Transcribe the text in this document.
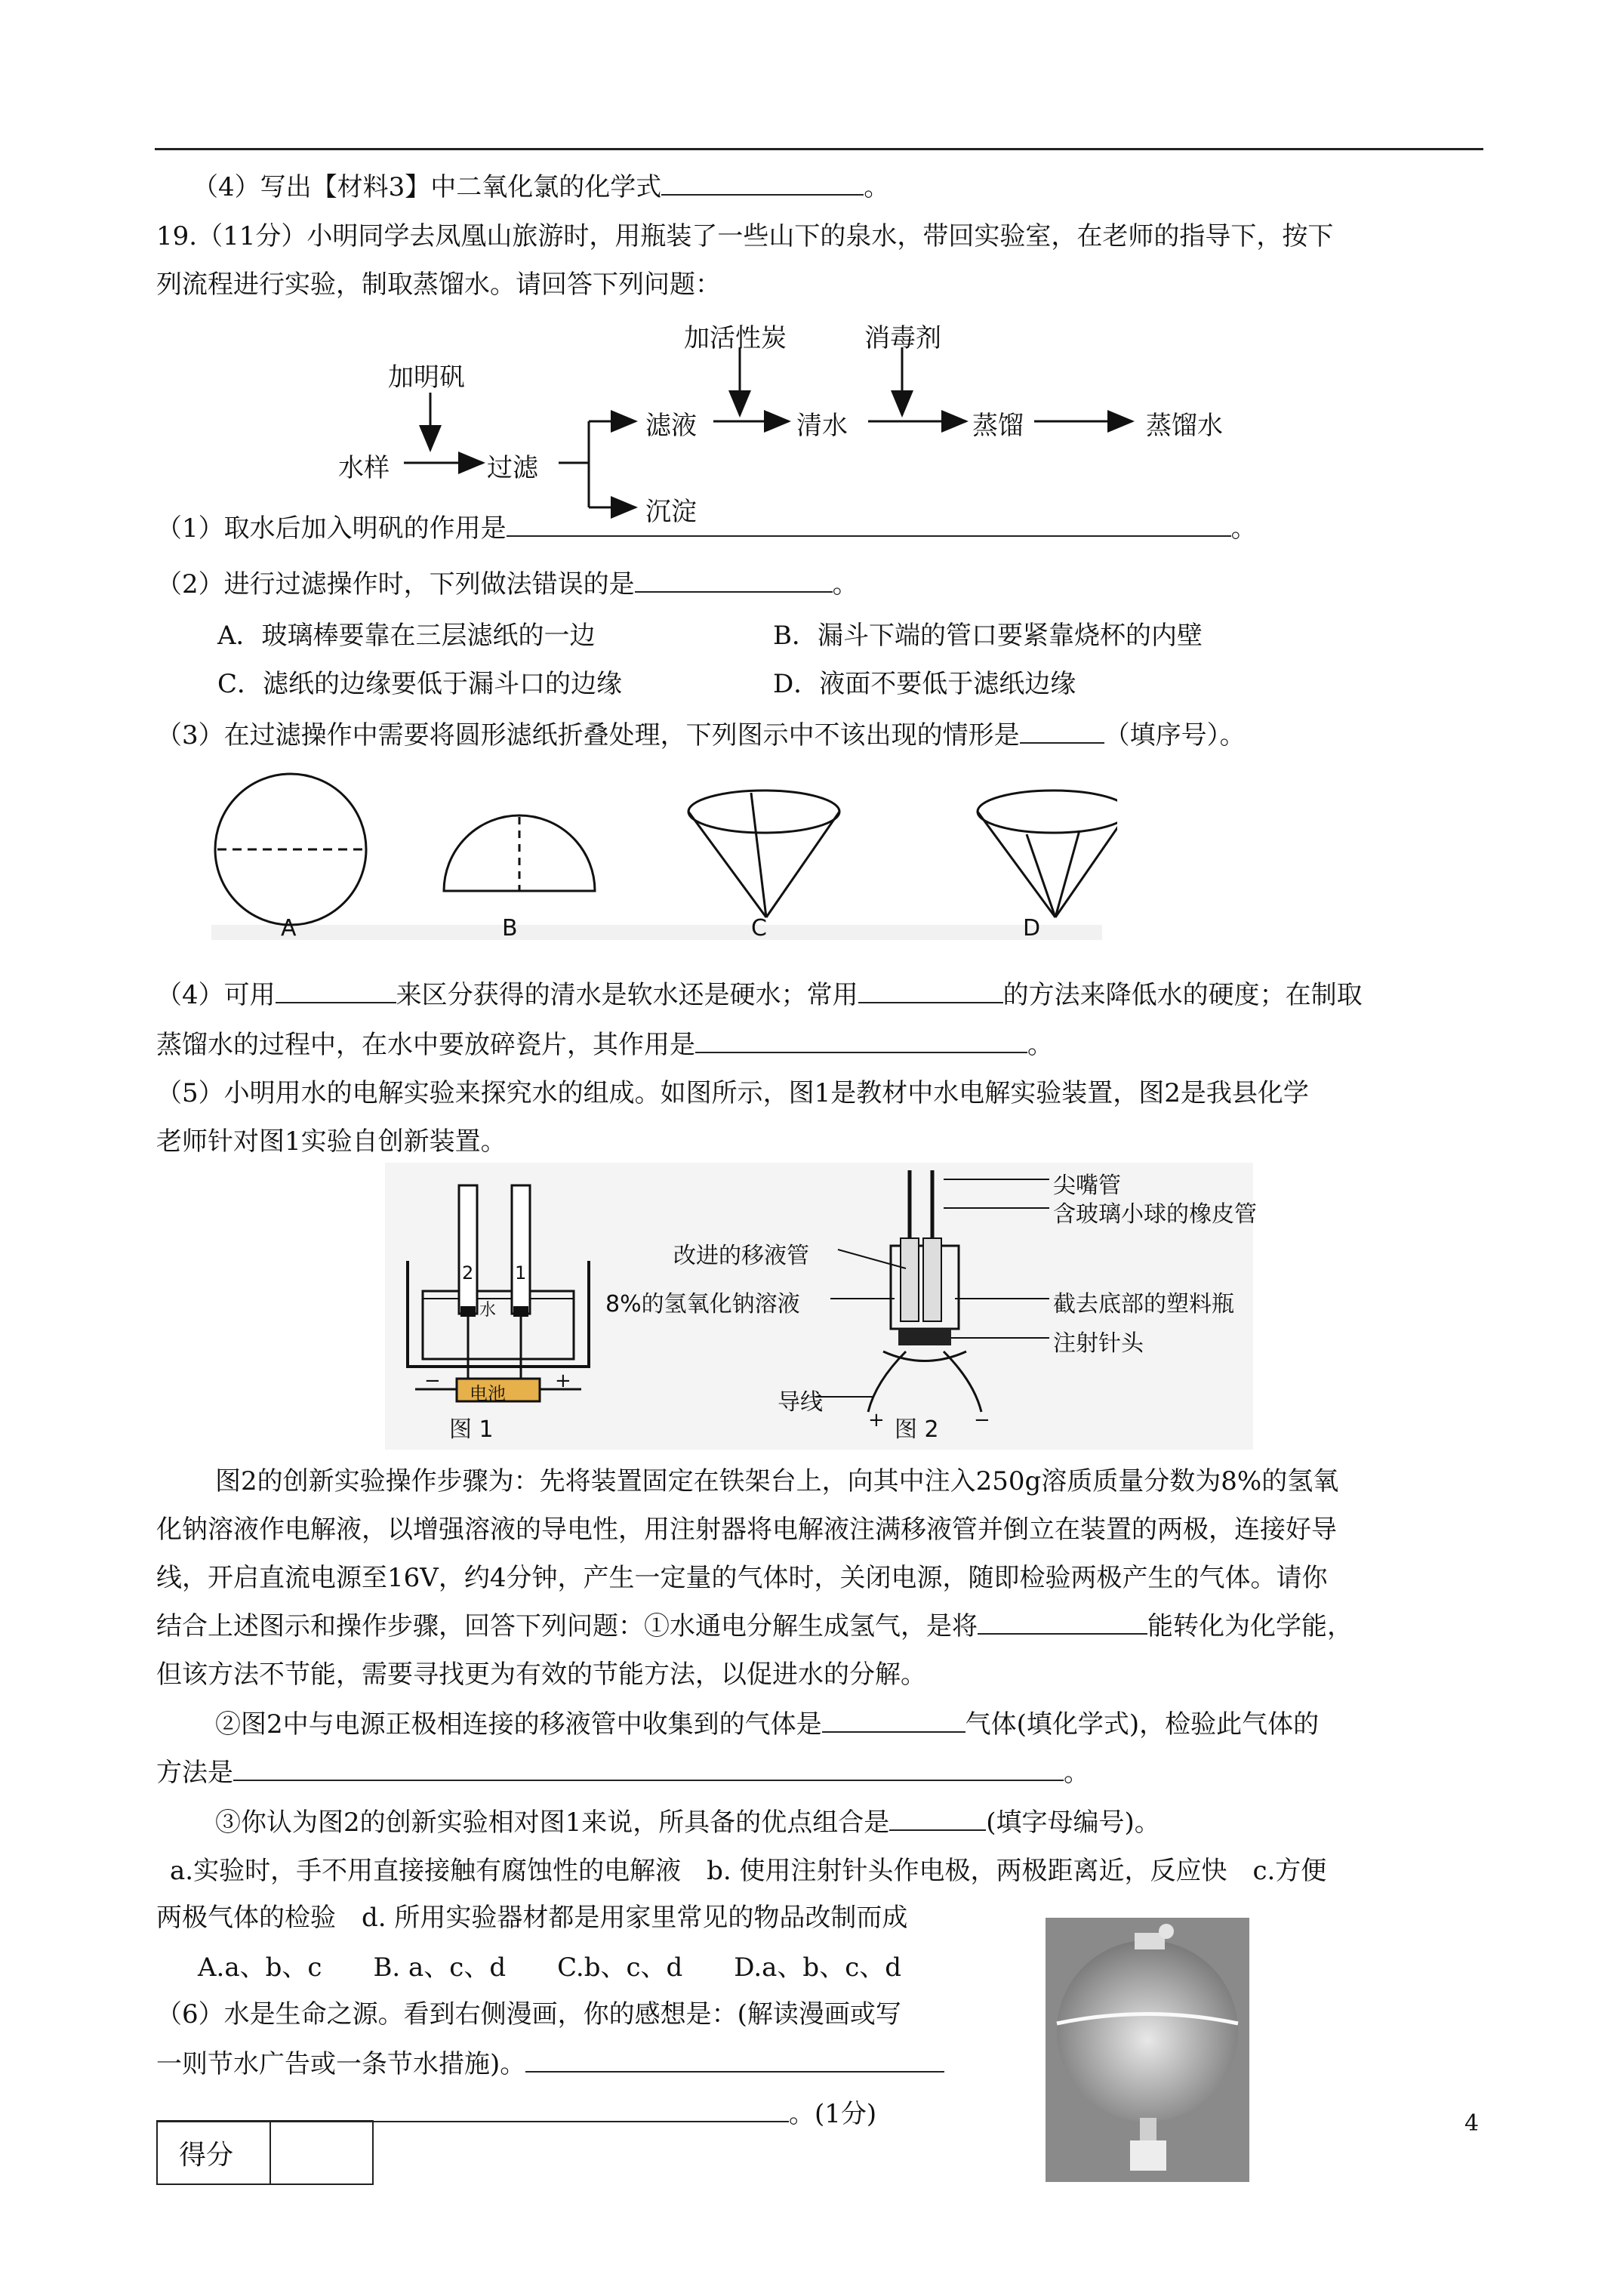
（4）写出【材料3】中二氧化氯的化学式	。
19.（11分）小明同学去凤凰山旅游时，用瓶装了一些山下的泉水，带回实验室，在老师的指导下，按下
列流程进行实验，制取蒸馏水。请回答下列问题：
加明矾
加活性炭	消毒剂
水样	过滤
滤液	清水	蒸馏	蒸馏水
沉淀
（1）取水后加入明矾的作用是	。
（2）进行过滤操作时，下列做法错误的是	。
A．玻璃棒要靠在三层滤纸的一边	B．漏斗下端的管口要紧靠烧杯的内壁
C．滤纸的边缘要低于漏斗口的边缘	D．液面不要低于滤纸边缘
（3）在过滤操作中需要将圆形滤纸折叠处理，下列图示中不该出现的情形是	（填序号）。
A	B	C	D
（4）可用	来区分获得的清水是软水还是硬水；常用	的方法来降低水的硬度；在制取
蒸馏水的过程中，在水中要放碎瓷片，其作用是	。
（5）小明用水的电解实验来探究水的组成。如图所示，图1是教材中水电解实验装置，图2是我县化学
老师针对图1实验自创新装置。
2 1
水
电池
−	+
图 1
尖嘴管
含玻璃小球的橡皮管
改进的移液管
8%的氢氧化钠溶液	截去底部的塑料瓶
注射针头
导线
+	−
图 2
图2的创新实验操作步骤为：先将装置固定在铁架台上，向其中注入250g溶质质量分数为8%的氢氧
化钠溶液作电解液，以增强溶液的导电性，用注射器将电解液注满移液管并倒立在装置的两极，连接好导
线，开启直流电源至16V，约4分钟，产生一定量的气体时，关闭电源，随即检验两极产生的气体。请你
结合上述图示和操作步骤，回答下列问题：①水通电分解生成氢气，是将	能转化为化学能，
但该方法不节能，需要寻找更为有效的节能方法，以促进水的分解。
②图2中与电源正极相连接的移液管中收集到的气体是	气体(填化学式)，检验此气体的
方法是	。
③你认为图2的创新实验相对图1来说，所具备的优点组合是	(填字母编号)。
a.实验时，手不用直接接触有腐蚀性的电解液　b. 使用注射针头作电极，两极距离近，反应快　c.方便
两极气体的检验　d. 所用实验器材都是用家里常见的物品改制而成
A.a、b、c　　B. a、c、d　　C.b、c、d　　D.a、b、c、d
（6）水是生命之源。看到右侧漫画，你的感想是：(解读漫画或写
一则节水广告或一条节水措施)。
。(1分)
得分
4
